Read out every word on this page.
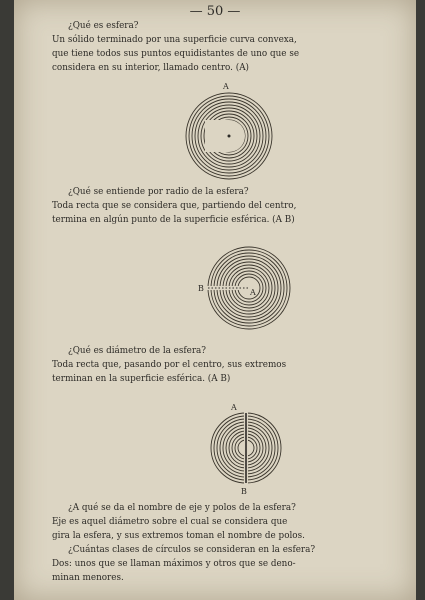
— 50 —
¿Qué es esfera?
Un sólido terminado por una superficie curva convexa,
que tiene todos sus puntos equidistantes de uno que se
considera en su interior, llamado centro. (A)
A
¿Qué se entiende por radio de la esfera?
Toda recta que se considera que, partiendo del centro,
termina en algún punto de la superficie esférica. (A B)
B	A
¿Qué es diámetro de la esfera?
Toda recta que, pasando por el centro, sus extremos
terminan en la superficie esférica. (A B)
A
B
¿A qué se da el nombre de eje y polos de la esfera?
Eje es aquel diámetro sobre el cual se considera que
gira la esfera, y sus extremos toman el nombre de polos.
¿Cuántas clases de círculos se consideran en la esfera?
Dos: unos que se llaman máximos y otros que se deno-
minan menores.
